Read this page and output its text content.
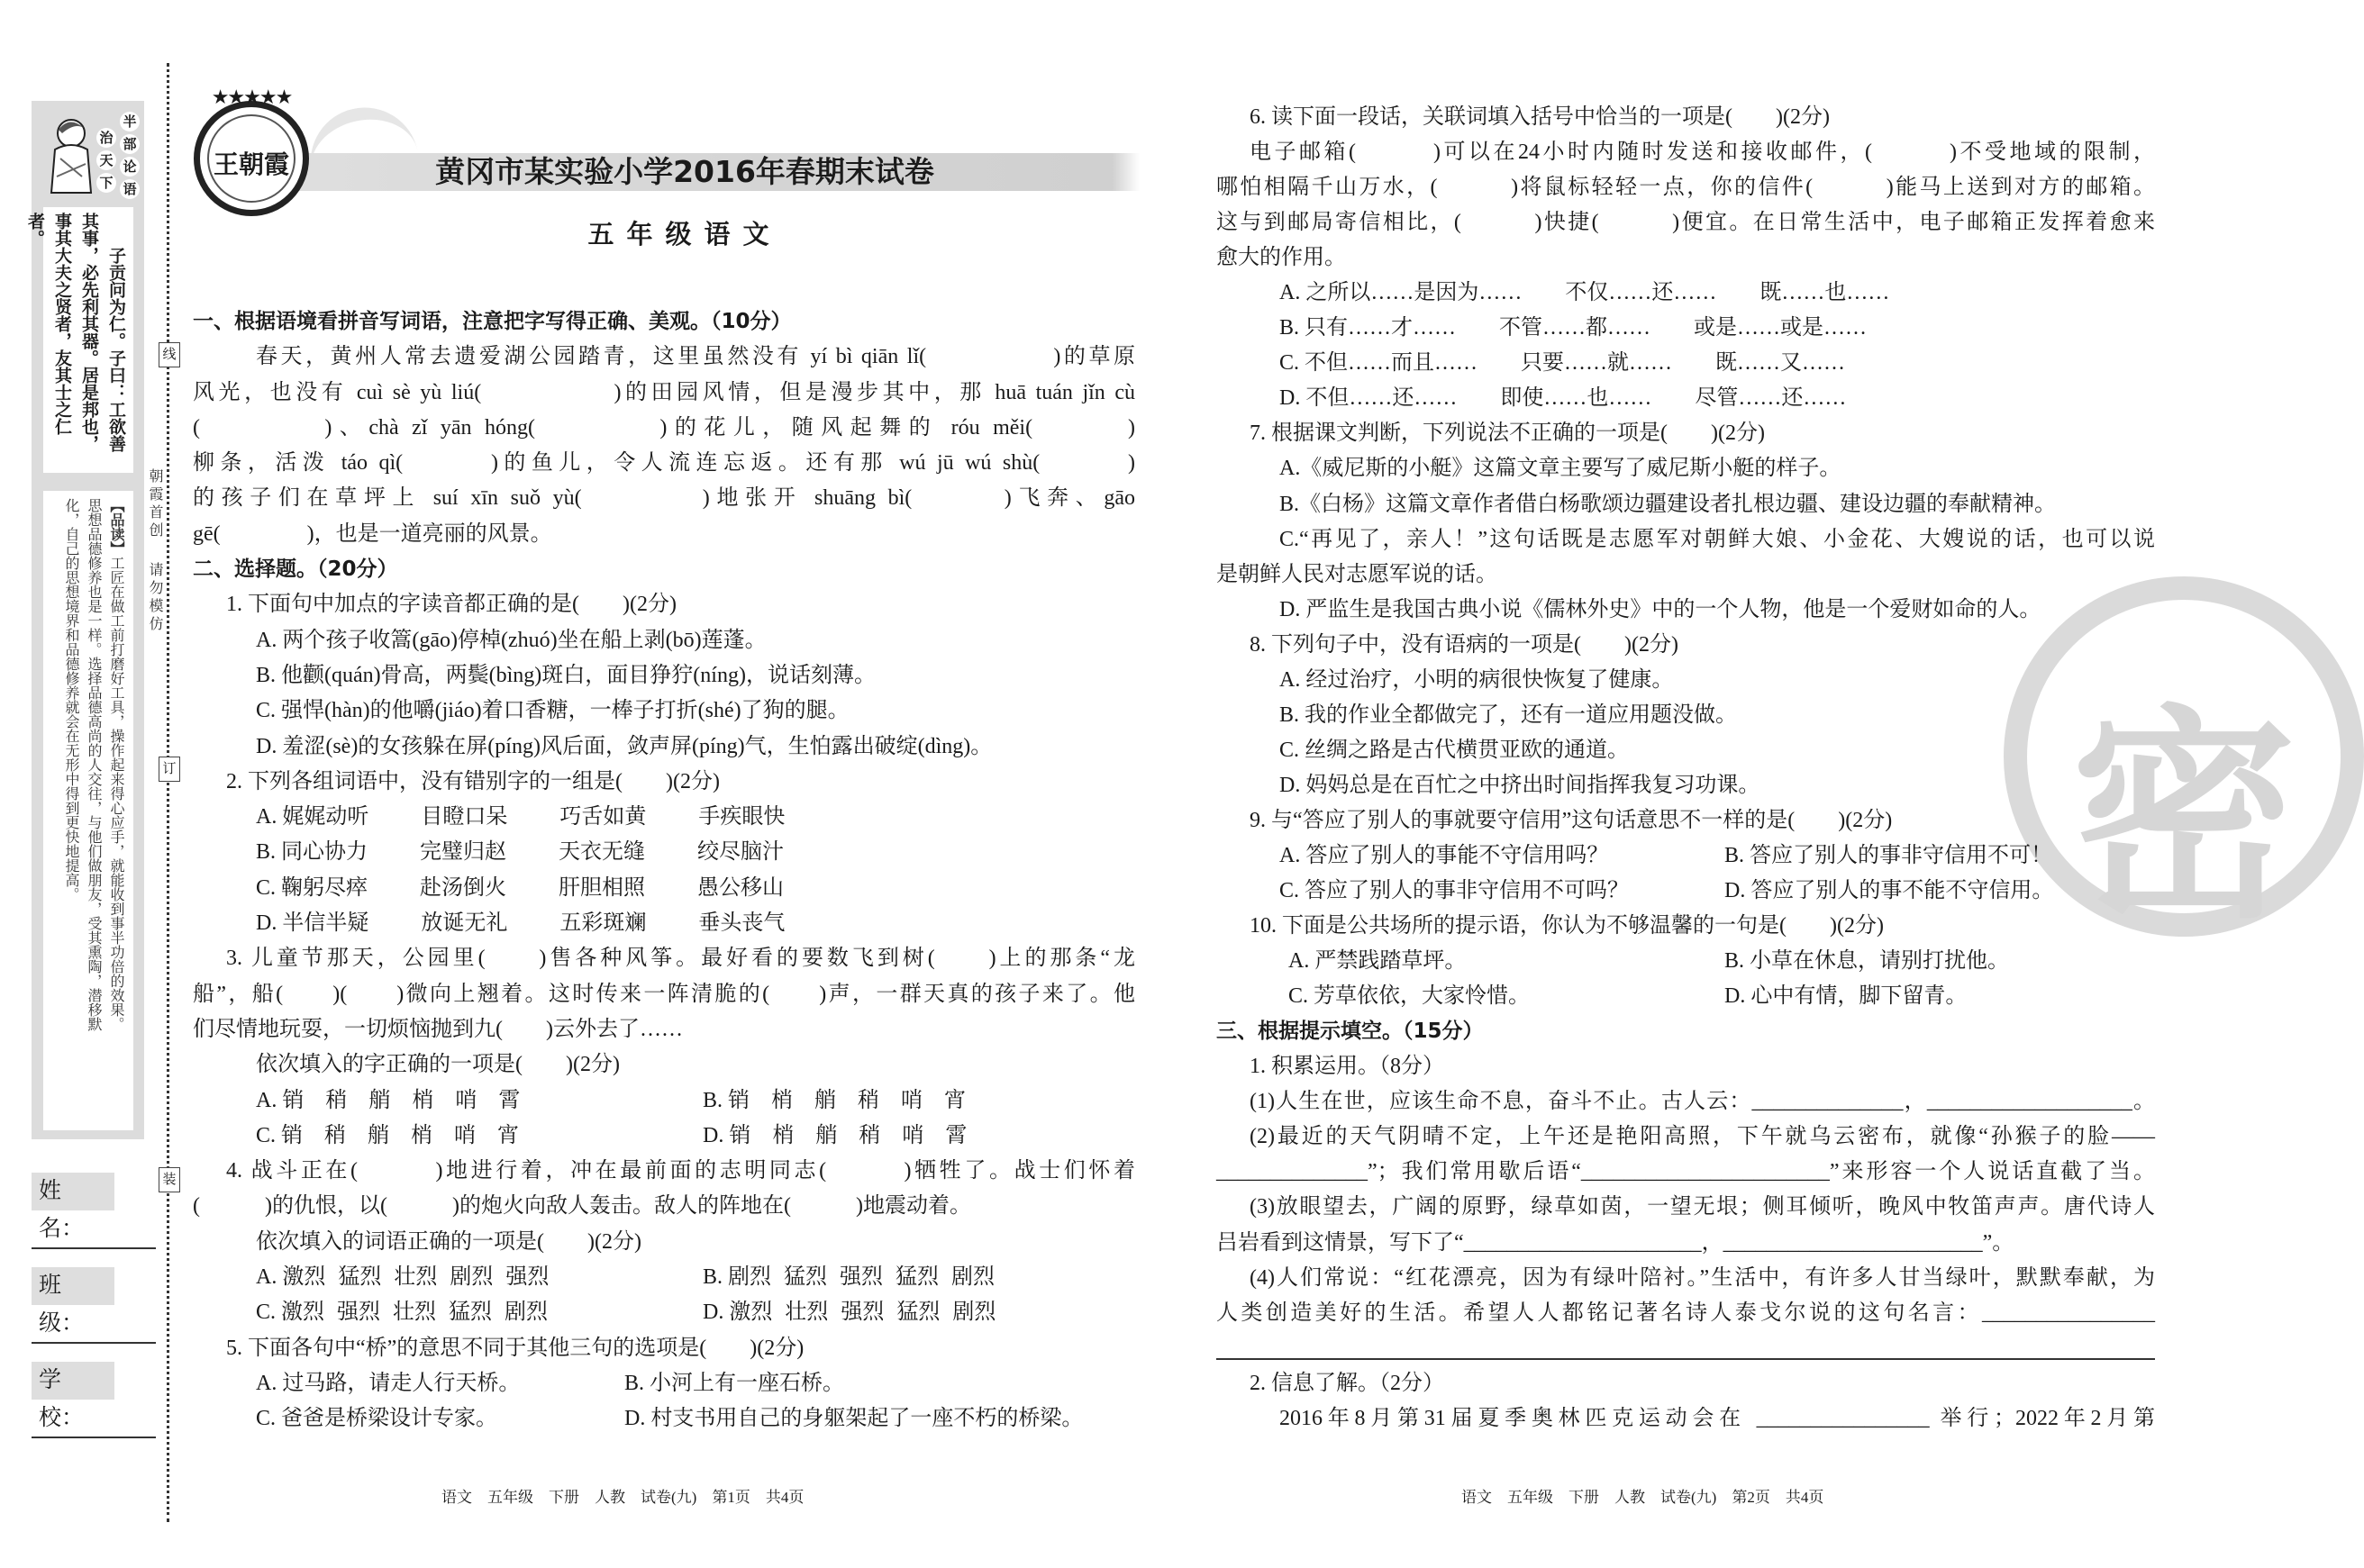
半
部
论
语
治
天
下
子贡问为仁。子曰：工欲善
其事，必先利其器。居是邦也，
事其大夫之贤者，友其士之仁者。
【品读】工匠在做工前打磨好工具，操作起来得心应手，就能收到事半功倍的效果。
思想品德修养也是一样。选择品德高尚的人交往，与他们做朋友，受其熏陶，潜移默
化，自己的思想境界和品德修养就会在无形中得到更快地提高。
姓　名：
班　级：
学　校：
线
订
装
朝霞首创
请勿模仿
★★★★★
王朝霞	黄冈市某实验小学2016年春期末试卷
五年级语文
密
一、根据语境看拼音写词语，注意把字写得正确、美观。（10分）
春天，黄州人常去遗爱湖公园踏青，这里虽然没有 yí bì qiān lǐ(　　　　　)的草原
风光，也没有 cuì sè yù liú(　　　　　)的田园风情，但是漫步其中，那 huā tuán jǐn cù
(　　　　)、chà zǐ yān hóng(　　　　)的花儿，随风起舞的 róu měi(　　　)
柳条，活泼 táo qì(　　　)的鱼儿，令人流连忘返。还有那 wú jū wú shù(　　　)
的孩子们在草坪上 suí xīn suǒ yù(　　　　)地张开 shuāng bì(　　　)飞奔、gāo
gē(　　　　)，也是一道亮丽的风景。
二、选择题。（20分）
1. 下面句中加点的字读音都正确的是(　　)(2分)
A. 两个孩子收篙(gāo)停棹(zhuó)坐在船上剥(bō)莲蓬。
B. 他颧(quán)骨高，两鬓(bìng)斑白，面目狰狞(níng)，说话刻薄。
C. 强悍(hàn)的他嚼(jiáo)着口香糖，一棒子打折(shé)了狗的腿。
D. 羞涩(sè)的女孩躲在屏(píng)风后面，敛声屏(píng)气，生怕露出破绽(dìng)。
2. 下列各组词语中，没有错别字的一组是(　　)(2分)
A. 娓娓动听 目瞪口呆 巧舌如黄 手疾眼快
B. 同心协力 完璧归赵 天衣无缝 绞尽脑汁
C. 鞠躬尽瘁 赴汤倒火 肝胆相照 愚公移山
D. 半信半疑 放诞无礼 五彩斑斓 垂头丧气
3. 儿童节那天，公园里(　　)售各种风筝。最好看的要数飞到树(　　)上的那条“龙
船”，船(　　)(　　)微向上翘着。这时传来一阵清脆的(　　)声，一群天真的孩子来了。他
们尽情地玩耍，一切烦恼抛到九(　　)云外去了……
依次填入的字正确的一项是(　　)(2分)
A. 销 稍 艄 梢 哨 霄	B. 销 梢 艄 稍 哨 宵
C. 销 稍 艄 梢 哨 宵	D. 销 梢 艄 稍 哨 霄
4. 战斗正在(　　　)地进行着，冲在最前面的志明同志(　　　)牺牲了。战士们怀着
(　　　)的仇恨，以(　　　)的炮火向敌人轰击。敌人的阵地在(　　　)地震动着。
依次填入的词语正确的一项是(　　)(2分)
A. 激烈 猛烈 壮烈 剧烈 强烈	B. 剧烈 猛烈 强烈 猛烈 剧烈
C. 激烈 强烈 壮烈 猛烈 剧烈	D. 激烈 壮烈 强烈 猛烈 剧烈
5. 下面各句中“桥”的意思不同于其他三句的选项是(　　)(2分)
A. 过马路，请走人行天桥。	B. 小河上有一座石桥。
C. 爸爸是桥梁设计专家。	D. 村支书用自己的身躯架起了一座不朽的桥梁。
语文　五年级　下册　人教　试卷(九)　第1页　共4页
6. 读下面一段话，关联词填入括号中恰当的一项是(　　)(2分)
电子邮箱(　　　)可以在24小时内随时发送和接收邮件，(　　　)不受地域的限制，
哪怕相隔千山万水，(　　　)将鼠标轻轻一点，你的信件(　　　)能马上送到对方的邮箱。
这与到邮局寄信相比，(　　　)快捷(　　　)便宜。在日常生活中，电子邮箱正发挥着愈来
愈大的作用。
A. 之所以……是因为……　　不仅……还……　　既……也……
B. 只有……才……　　不管……都……　　或是……或是……
C. 不但……而且……　　只要……就……　　既……又……
D. 不但……还……　　即使……也……　　尽管……还……
7. 根据课文判断，下列说法不正确的一项是(　　)(2分)
A.《威尼斯的小艇》这篇文章主要写了威尼斯小艇的样子。
B.《白杨》这篇文章作者借白杨歌颂边疆建设者扎根边疆、建设边疆的奉献精神。
C.“再见了，亲人！”这句话既是志愿军对朝鲜大娘、小金花、大嫂说的话，也可以说
是朝鲜人民对志愿军说的话。
D. 严监生是我国古典小说《儒林外史》中的一个人物，他是一个爱财如命的人。
8. 下列句子中，没有语病的一项是(　　)(2分)
A. 经过治疗，小明的病很快恢复了健康。
B. 我的作业全都做完了，还有一道应用题没做。
C. 丝绸之路是古代横贯亚欧的通道。
D. 妈妈总是在百忙之中挤出时间指挥我复习功课。
9. 与“答应了别人的事就要守信用”这句话意思不一样的是(　　)(2分)
A. 答应了别人的事能不守信用吗？	B. 答应了别人的事非守信用不可！
C. 答应了别人的事非守信用不可吗？	D. 答应了别人的事不能不守信用。
10. 下面是公共场所的提示语，你认为不够温馨的一句是(　　)(2分)
A. 严禁践踏草坪。	B. 小草在休息，请别打扰他。
C. 芳草依依，大家怜惜。	D. 心中有情，脚下留青。
三、根据提示填空。（15分）
1. 积累运用。（8分）
(1)人生在世，应该生命不息，奋斗不止。古人云：______________，___________________。
(2)最近的天气阴晴不定，上午还是艳阳高照，下午就乌云密布，就像“孙猴子的脸——
______________”；我们常用歇后语“_______________________”来形容一个人说话直截了当。
(3)放眼望去，广阔的原野，绿草如茵，一望无垠；侧耳倾听，晚风中牧笛声声。唐代诗人
吕岩看到这情景，写下了“______________________，________________________”。
(4)人们常说：“红花漂亮，因为有绿叶陪衬。”生活中，有许多人甘当绿叶，默默奉献，为
人类创造美好的生活。希望人人都铭记著名诗人泰戈尔说的这句名言：________________
2. 信息了解。（2分）
2016年8月第31届夏季奥林匹克运动会在 ________________ 举行；2022年2月第
语文　五年级　下册　人教　试卷(九)　第2页　共4页
